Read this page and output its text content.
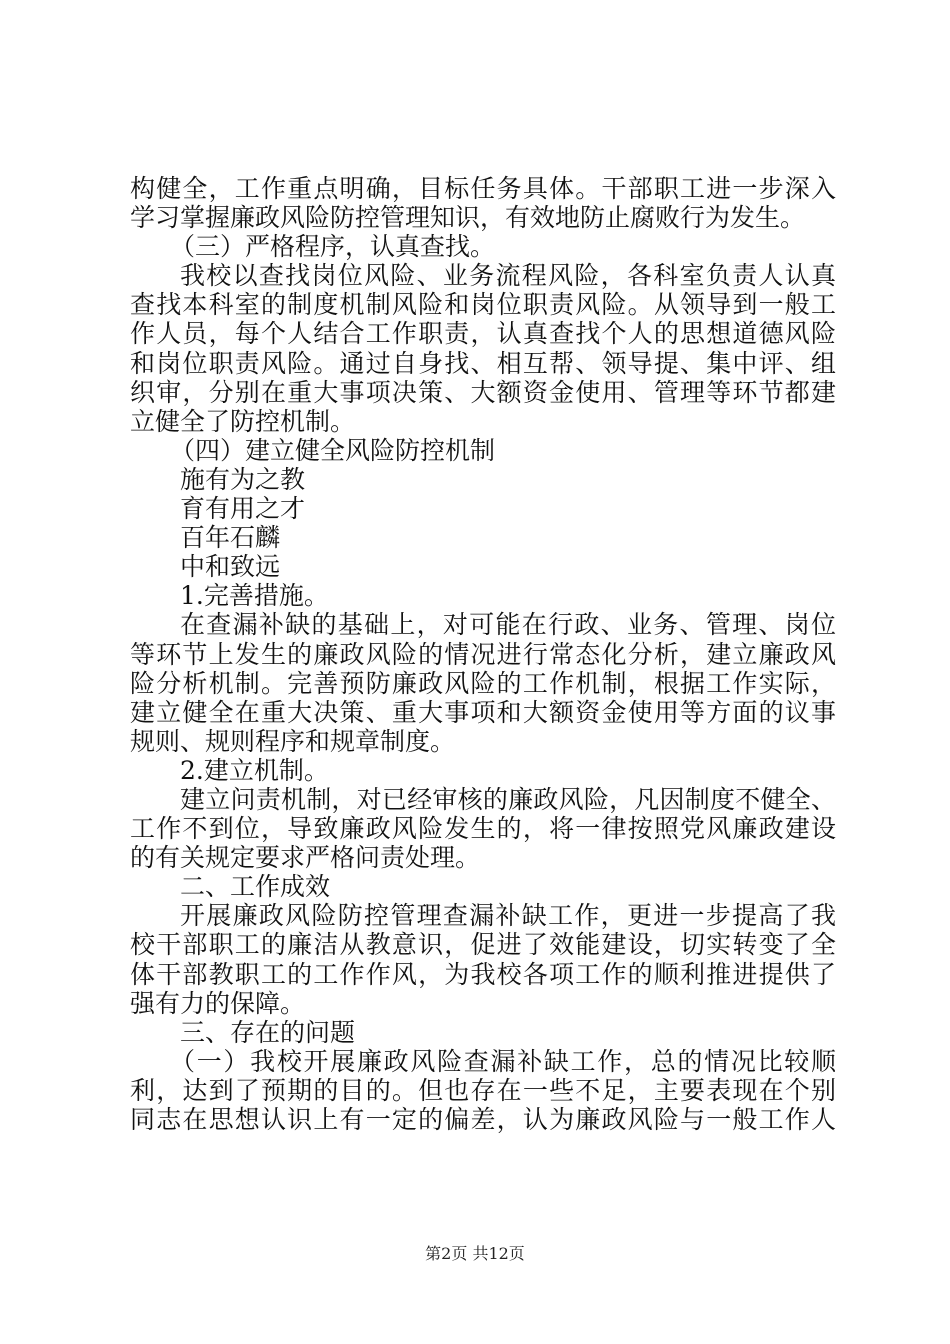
构健全，工作重点明确，目标任务具体。干部职工进一步深入
学习掌握廉政风险防控管理知识，有效地防止腐败行为发生。
（三）严格程序，认真查找。
我校以查找岗位风险、业务流程风险，各科室负责人认真
查找本科室的制度机制风险和岗位职责风险。从领导到一般工
作人员，每个人结合工作职责，认真查找个人的思想道德风险
和岗位职责风险。通过自身找、相互帮、领导提、集中评、组
织审，分别在重大事项决策、大额资金使用、管理等环节都建
立健全了防控机制。
（四）建立健全风险防控机制
施有为之教
育有用之才
百年石麟
中和致远
1.完善措施。
在查漏补缺的基础上，对可能在行政、业务、管理、岗位
等环节上发生的廉政风险的情况进行常态化分析，建立廉政风
险分析机制。完善预防廉政风险的工作机制，根据工作实际，
建立健全在重大决策、重大事项和大额资金使用等方面的议事
规则、规则程序和规章制度。
2.建立机制。
建立问责机制，对已经审核的廉政风险，凡因制度不健全、
工作不到位，导致廉政风险发生的，将一律按照党风廉政建设
的有关规定要求严格问责处理。
二、工作成效
开展廉政风险防控管理查漏补缺工作，更进一步提高了我
校干部职工的廉洁从教意识，促进了效能建设，切实转变了全
体干部教职工的工作作风，为我校各项工作的顺利推进提供了
强有力的保障。
三、存在的问题
（一）我校开展廉政风险查漏补缺工作，总的情况比较顺
利，达到了预期的目的。但也存在一些不足，主要表现在个别
同志在思想认识上有一定的偏差，认为廉政风险与一般工作人
第2页 共12页
